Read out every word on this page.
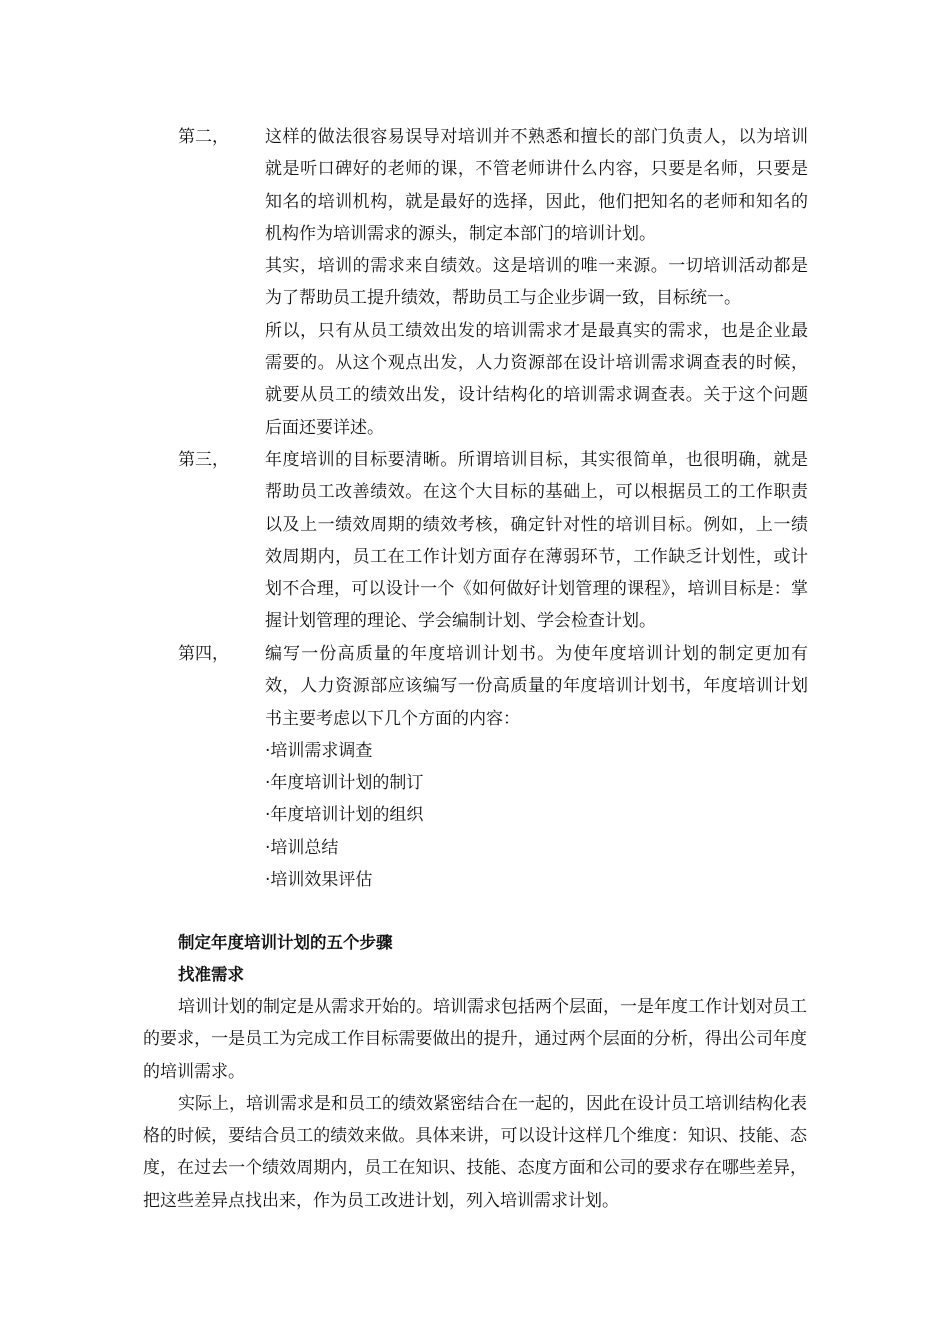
第二， 这样的做法很容易误导对培训并不熟悉和擅长的部门负责人，以为培训就是听口碑好的老师的课，不管老师讲什么内容，只要是名师，只要是知名的培训机构，就是最好的选择，因此，他们把知名的老师和知名的机构作为培训需求的源头，制定本部门的培训计划。

其实，培训的需求来自绩效。这是培训的唯一来源。一切培训活动都是为了帮助员工提升绩效，帮助员工与企业步调一致，目标统一。

所以，只有从员工绩效出发的培训需求才是最真实的需求，也是企业最需要的。从这个观点出发，人力资源部在设计培训需求调查表的时候，就要从员工的绩效出发，设计结构化的培训需求调查表。关于这个问题后面还要详述。

第三， 年度培训的目标要清晰。所谓培训目标，其实很简单，也很明确，就是帮助员工改善绩效。在这个大目标的基础上，可以根据员工的工作职责以及上一绩效周期的绩效考核，确定针对性的培训目标。例如，上一绩效周期内，员工在工作计划方面存在薄弱环节，工作缺乏计划性，或计划不合理，可以设计一个《如何做好计划管理的课程》，培训目标是：掌握计划管理的理论、学会编制计划、学会检查计划。

第四， 编写一份高质量的年度培训计划书。为使年度培训计划的制定更加有效，人力资源部应该编写一份高质量的年度培训计划书，年度培训计划书主要考虑以下几个方面的内容：

·培训需求调查
·年度培训计划的制订
·年度培训计划的组织
·培训总结
·培训效果评估
制定年度培训计划的五个步骤
找准需求

培训计划的制定是从需求开始的。培训需求包括两个层面，一是年度工作计划对员工的要求，一是员工为完成工作目标需要做出的提升，通过两个层面的分析，得出公司年度的培训需求。

实际上，培训需求是和员工的绩效紧密结合在一起的，因此在设计员工培训结构化表格的时候，要结合员工的绩效来做。具体来讲，可以设计这样几个维度：知识、技能、态度，在过去一个绩效周期内，员工在知识、技能、态度方面和公司的要求存在哪些差异，把这些差异点找出来，作为员工改进计划，列入培训需求计划。
